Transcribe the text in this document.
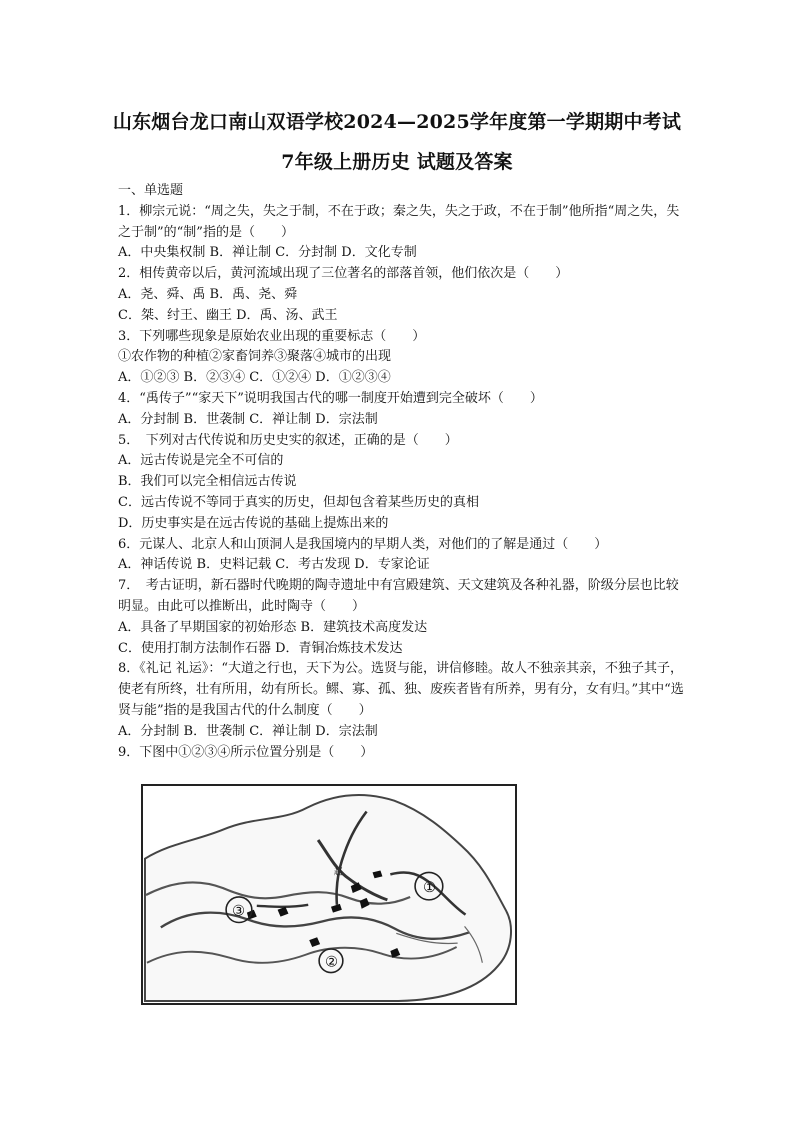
山东烟台龙口南山双语学校2024—2025学年度第一学期期中考试
7年级上册历史 试题及答案
一、单选题
1．柳宗元说：“周之失，失之于制，不在于政；秦之失，失之于政，不在于制”他所指“周之失，失之于制”的“制”指的是（　　）
A．中央集权制 B．禅让制 C．分封制 D．文化专制
2．相传黄帝以后，黄河流域出现了三位著名的部落首领，他们依次是（　　）
A．尧、舜、禹 B．禹、尧、舜
C．桀、纣王、幽王 D．禹、汤、武王
3．下列哪些现象是原始农业出现的重要标志（　　）
①农作物的种植②家畜饲养③聚落④城市的出现
A．①②③ B．②③④ C．①②④ D．①②③④
4．“禹传子”“家天下”说明我国古代的哪一制度开始遭到完全破坏（　　）
A．分封制 B．世袭制 C．禅让制 D．宗法制
5．　下列对古代传说和历史史实的叙述，正确的是（　　）
A．远古传说是完全不可信的
B．我们可以完全相信远古传说
C．远古传说不等同于真实的历史，但却包含着某些历史的真相
D．历史事实是在远古传说的基础上提炼出来的
6．元谋人、北京人和山顶洞人是我国境内的早期人类，对他们的了解是通过（　　）
A．神话传说 B．史料记载 C．考古发现 D．专家论证
7．　考古证明，新石器时代晚期的陶寺遗址中有宫殿建筑、天文建筑及各种礼器，阶级分层也比较明显。由此可以推断出，此时陶寺（　　）
A．具备了早期国家的初始形态 B．建筑技术高度发达
C．使用打制方法制作石器 D．青铜冶炼技术发达
8．《礼记 礼运》：“大道之行也，天下为公。选贤与能，讲信修睦。故人不独亲其亲，不独子其子，使老有所终，壮有所用，幼有所长。鳏、寡、孤、独、废疾者皆有所养，男有分，女有归。”其中“选贤与能”指的是我国古代的什么制度（　　）
A．分封制 B．世袭制 C．禅让制 D．宗法制
9．下图中①②③④所示位置分别是（　　）
①
②
③
赵
